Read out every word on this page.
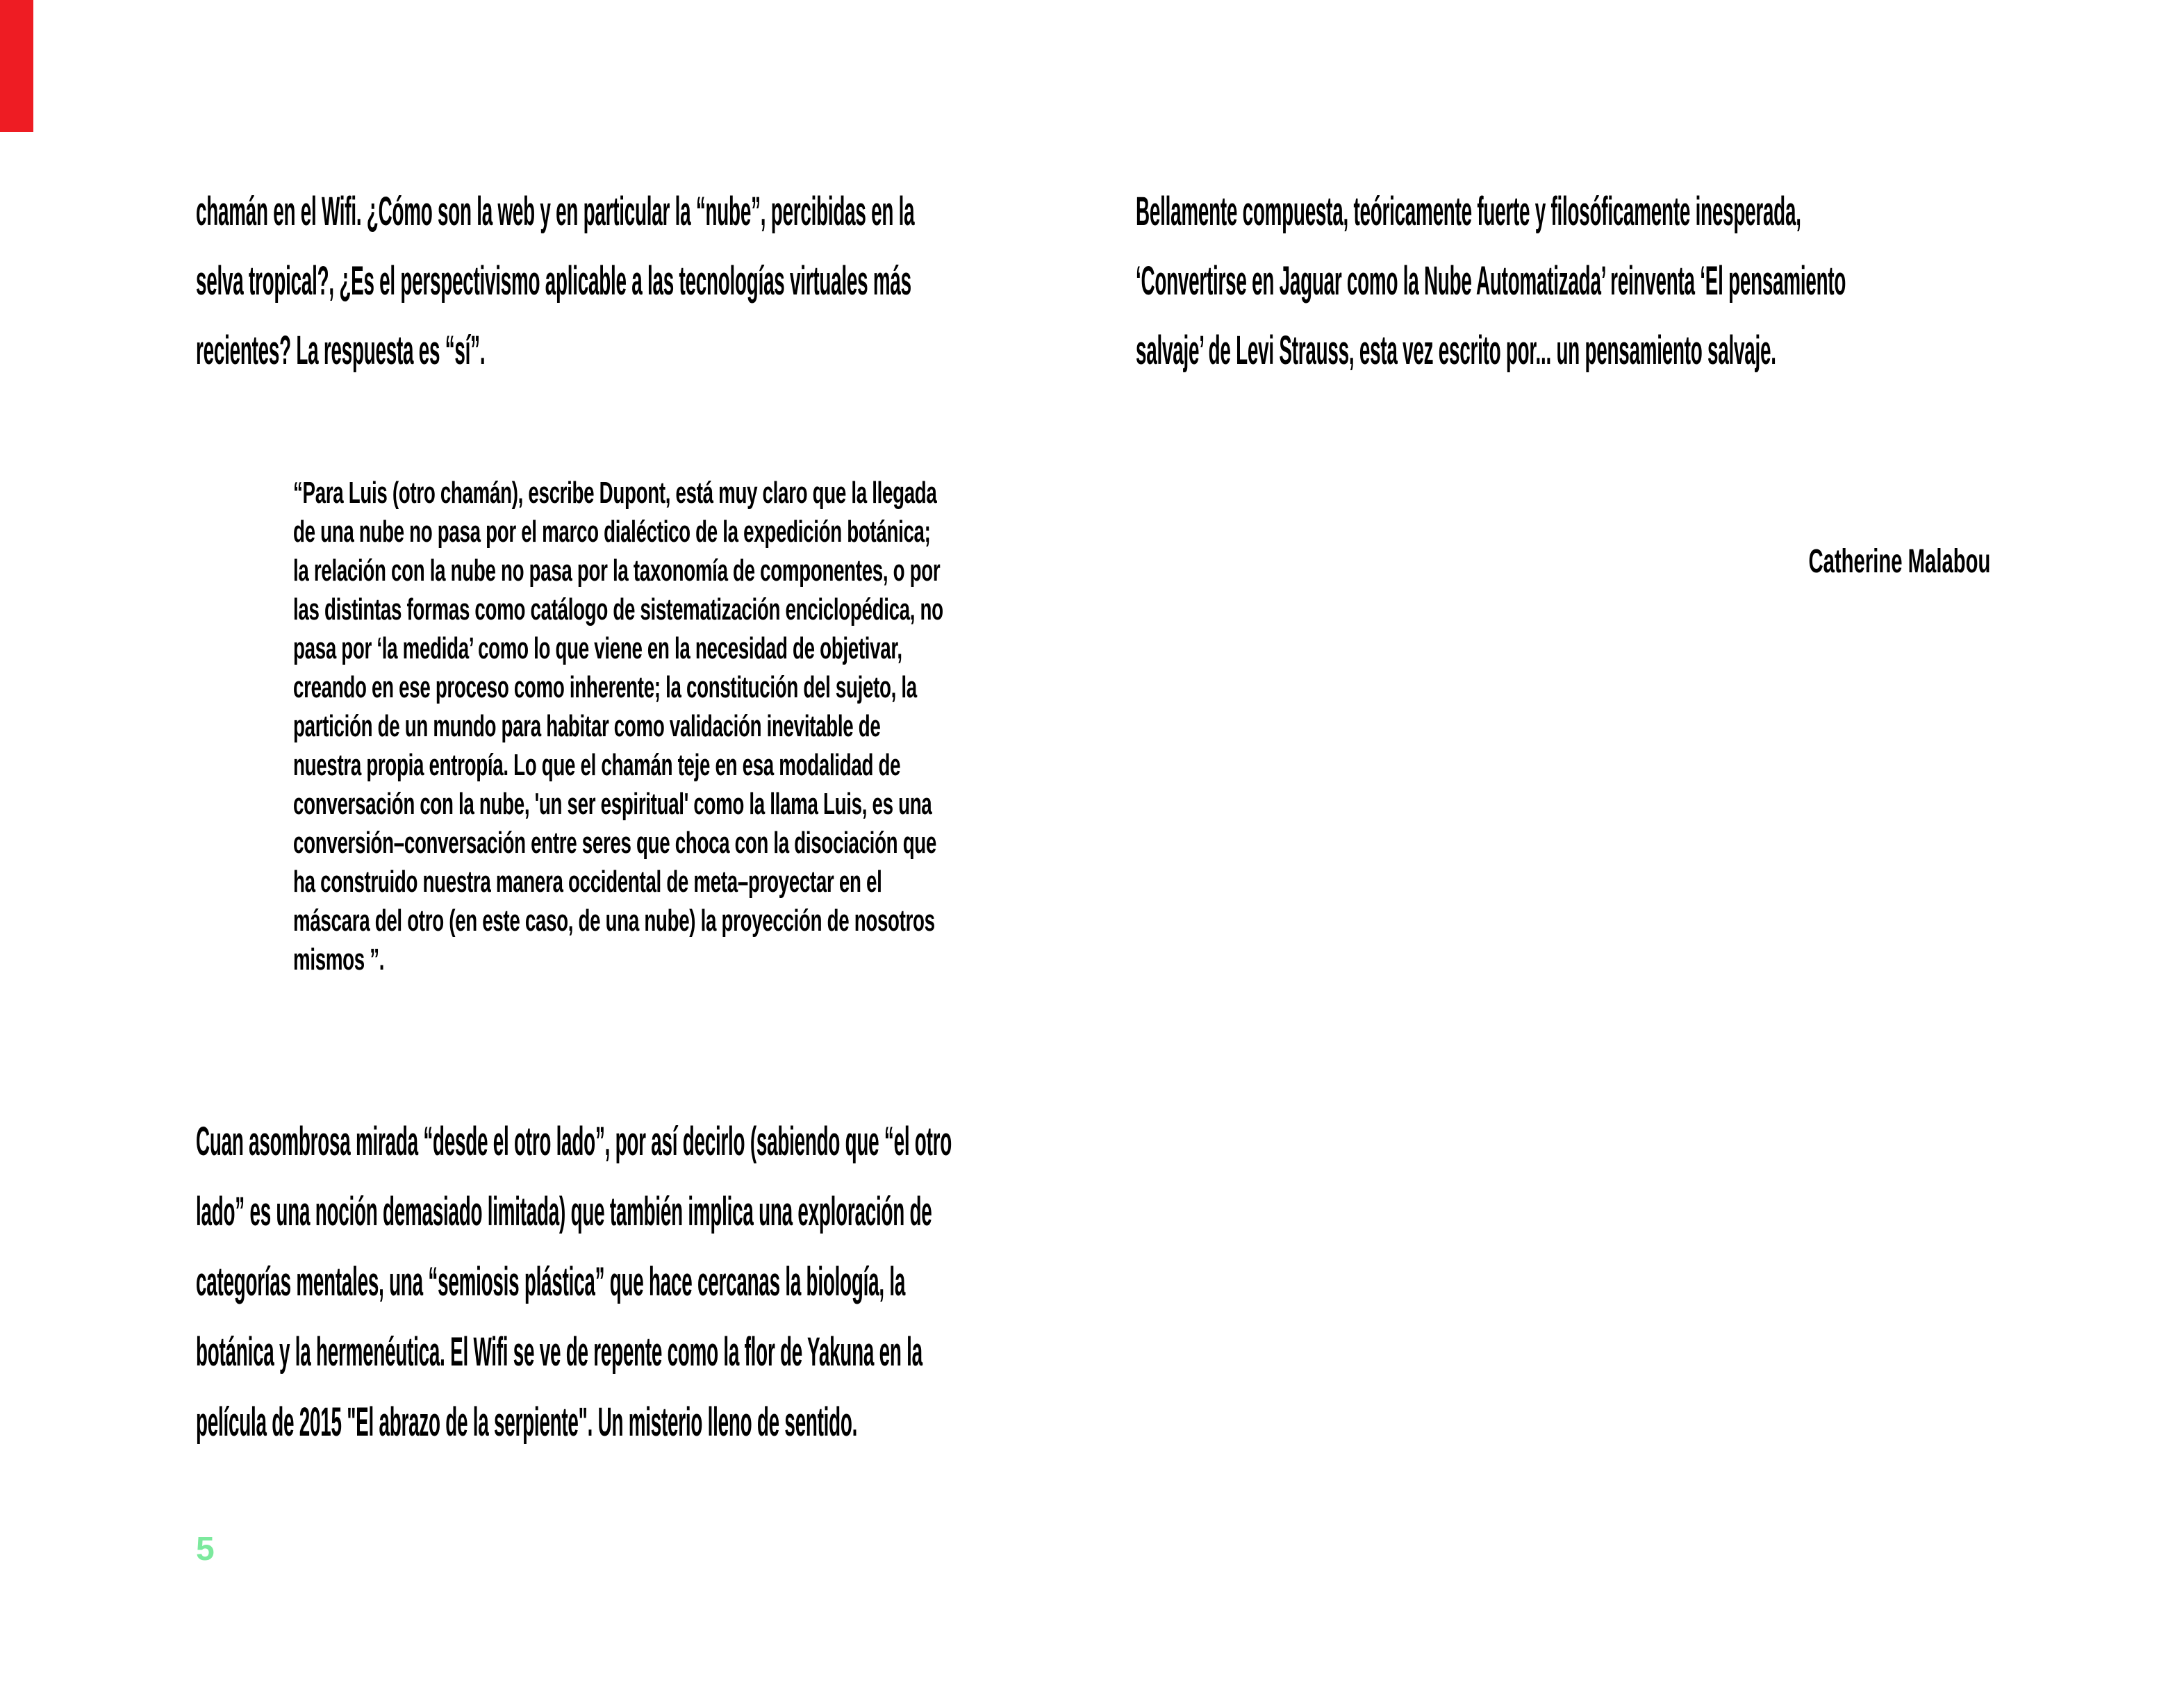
chamán en el Wifi. ¿Cómo son la web y en particular la “nube”, percibidas en la
selva tropical?, ¿Es el perspectivismo aplicable a las tecnologías virtuales más
recientes? La respuesta es “sí”.
“Para Luis (otro chamán), escribe Dupont, está muy claro que la llegada
de una nube no pasa por el marco dialéctico de la expedición botánica;
la relación con la nube no pasa por la taxonomía de componentes, o por
las distintas formas como catálogo de sistematización enciclopédica, no
pasa por ‘la medida’ como lo que viene en la necesidad de objetivar,
creando en ese proceso como inherente; la constitución del sujeto, la
partición de un mundo para habitar como validación inevitable de
nuestra propia entropía. Lo que el chamán teje en esa modalidad de
conversación con la nube, 'un ser espiritual' como la llama Luis, es una
conversión–conversación entre seres que choca con la disociación que
ha construido nuestra manera occidental de meta–proyectar en el
máscara del otro (en este caso, de una nube) la proyección de nosotros
mismos ”.
Cuan asombrosa mirada “desde el otro lado”, por así decirlo (sabiendo que “el otro
lado” es una noción demasiado limitada) que también implica una exploración de
categorías mentales, una “semiosis plástica” que hace cercanas la biología, la
botánica y la hermenéutica. El Wifi se ve de repente como la flor de Yakuna en la
película de 2015 "El abrazo de la serpiente". Un misterio lleno de sentido.
Bellamente compuesta, teóricamente fuerte y filosóficamente inesperada,
‘Convertirse en Jaguar como la Nube Automatizada’ reinventa ‘El pensamiento
salvaje’ de Levi Strauss, esta vez escrito por... un pensamiento salvaje.
Catherine Malabou
5
